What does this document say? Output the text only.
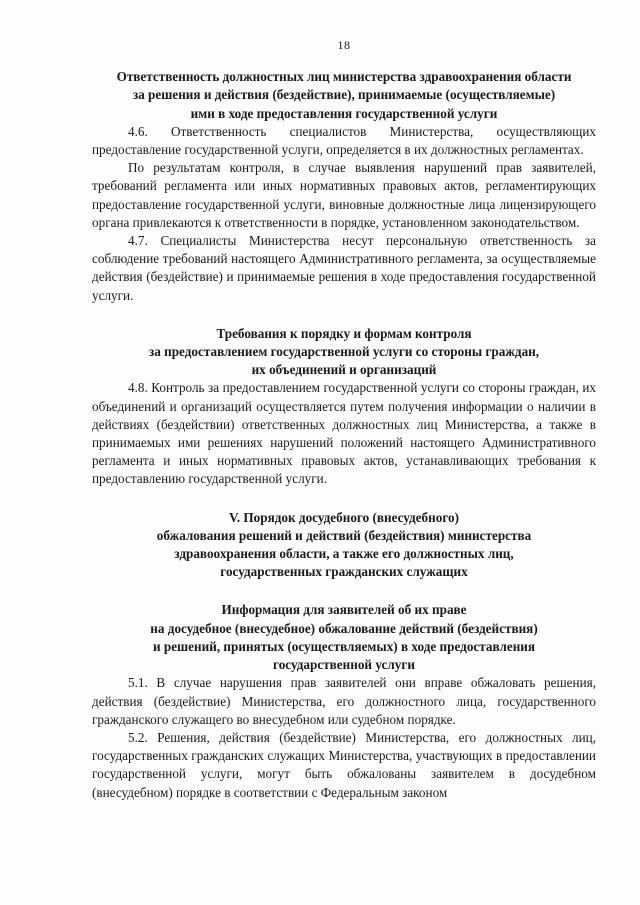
18
Ответственность должностных лиц министерства здравоохранения области
за решения и действия (бездействие), принимаемые (осуществляемые)
ими в ходе предоставления государственной услуги

4.6. Ответственность специалистов Министерства, осуществляющих предоставление государственной услуги, определяется в их должностных регламентах.

По результатам контроля, в случае выявления нарушений прав заявителей, требований регламента или иных нормативных правовых актов, регламентирующих предоставление государственной услуги, виновные должностные лица лицензирующего органа привлекаются к ответственности в порядке, установленном законодательством.

4.7. Специалисты Министерства несут персональную ответственность за соблюдение требований настоящего Административного регламента, за осуществляемые действия (бездействие) и принимаемые решения в ходе предоставления государственной услуги.

Требования к порядку и формам контроля
за предоставлением государственной услуги со стороны граждан,
их объединений и организаций

4.8. Контроль за предоставлением государственной услуги со стороны граждан, их объединений и организаций осуществляется путем получения информации о наличии в действиях (бездействии) ответственных должностных лиц Министерства, а также в принимаемых ими решениях нарушений положений настоящего Административного регламента и иных нормативных правовых актов, устанавливающих требования к предоставлению государственной услуги.

V. Порядок досудебного (внесудебного)
обжалования решений и действий (бездействия) министерства
здравоохранения области, а также его должностных лиц,
государственных гражданских служащих
Информация для заявителей об их праве
на досудебное (внесудебное) обжалование действий (бездействия)
и решений, принятых (осуществляемых) в ходе предоставления
государственной услуги

5.1. В случае нарушения прав заявителей они вправе обжаловать решения, действия (бездействие) Министерства, его должностного лица, государственного гражданского служащего во внесудебном или судебном порядке.

5.2. Решения, действия (бездействие) Министерства, его должностных лиц, государственных гражданских служащих Министерства, участвующих в предоставлении государственной услуги, могут быть обжалованы заявителем в досудебном (внесудебном) порядке в соответствии с Федеральным законом
